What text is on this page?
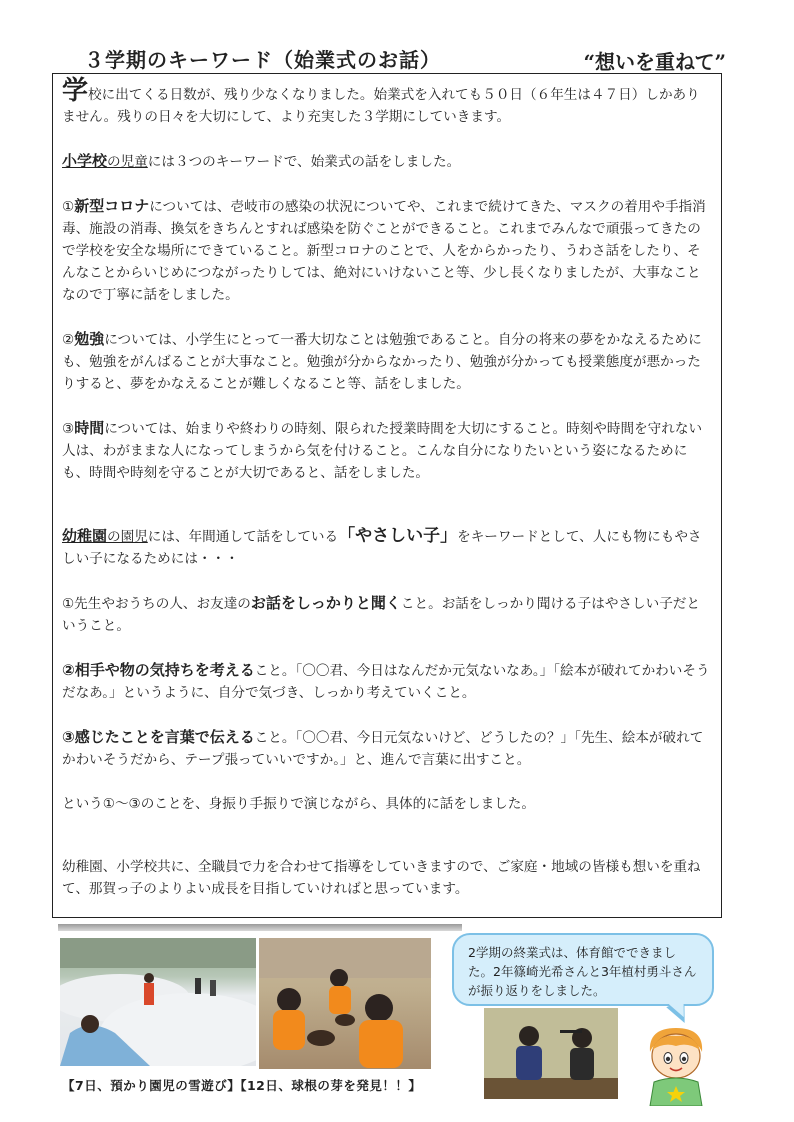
３学期のキーワード（始業式のお話）	“想いを重ねて”

学校に出てくる日数が、残り少なくなりました。始業式を入れても５０日（６年生は４７日）しかありません。残りの日々を大切にして、より充実した３学期にしていきます。

小学校の児童には３つのキーワードで、始業式の話をしました。

①新型コロナについては、壱岐市の感染の状況についてや、これまで続けてきた、マスクの着用や手指消毒、施設の消毒、換気をきちんとすれば感染を防ぐことができること。これまでみんなで頑張ってきたので学校を安全な場所にできていること。新型コロナのことで、人をからかったり、うわさ話をしたり、そんなことからいじめにつながったりしては、絶対にいけないこと等、少し長くなりましたが、大事なことなので丁寧に話をしました。

②勉強については、小学生にとって一番大切なことは勉強であること。自分の将来の夢をかなえるためにも、勉強をがんばることが大事なこと。勉強が分からなかったり、勉強が分かっても授業態度が悪かったりすると、夢をかなえることが難しくなること等、話をしました。

③時間については、始まりや終わりの時刻、限られた授業時間を大切にすること。時刻や時間を守れない人は、わがままな人になってしまうから気を付けること。こんな自分になりたいという姿になるためにも、時間や時刻を守ることが大切であると、話をしました。

幼稚園の園児には、年間通して話をしている「やさしい子」をキーワードとして、人にも物にもやさしい子になるためには・・・

①先生やおうちの人、お友達のお話をしっかりと聞くこと。お話をしっかり聞ける子はやさしい子だということ。

②相手や物の気持ちを考えること。「〇〇君、今日はなんだか元気ないなあ。」「絵本が破れてかわいそうだなあ。」というように、自分で気づき、しっかり考えていくこと。

③感じたことを言葉で伝えること。「〇〇君、今日元気ないけど、どうしたの？」「先生、絵本が破れてかわいそうだから、テープ張っていいですか。」と、進んで言葉に出すこと。

という①～③のことを、身振り手振りで演じながら、具体的に話をしました。

幼稚園、小学校共に、全職員で力を合わせて指導をしていきますので、ご家庭・地域の皆様も想いを重ねて、那賀っ子のよりよい成長を目指していければと思っています。

【7日、預かり園児の雪遊び】【12日、球根の芽を発見！！】
2学期の終業式は、体育館でできました。2年篠崎光希さんと3年植村勇斗さんが振り返りをしました。
